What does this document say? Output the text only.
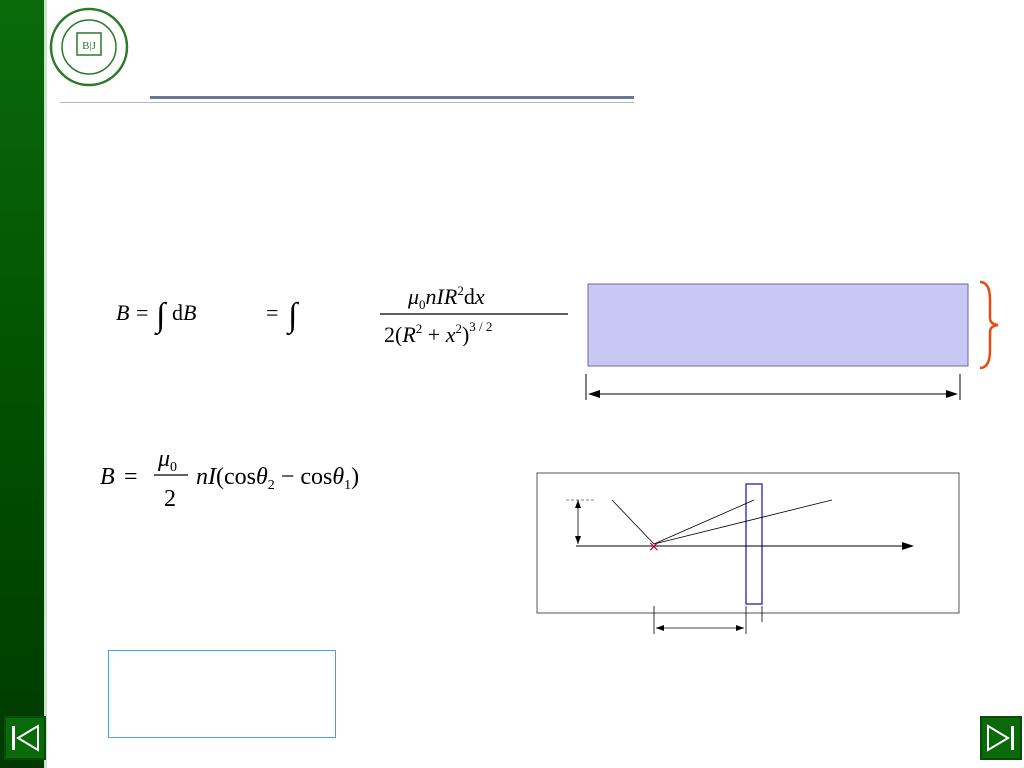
B|J
B = ∫ dB	= ∫
$\mu_0nIR^2dx$
$2(R^2 + x^2)^{3 / 2}$
B =
$\mu_0$
2
nI(cosθ$_2$ − cosθ$_1$)
×
